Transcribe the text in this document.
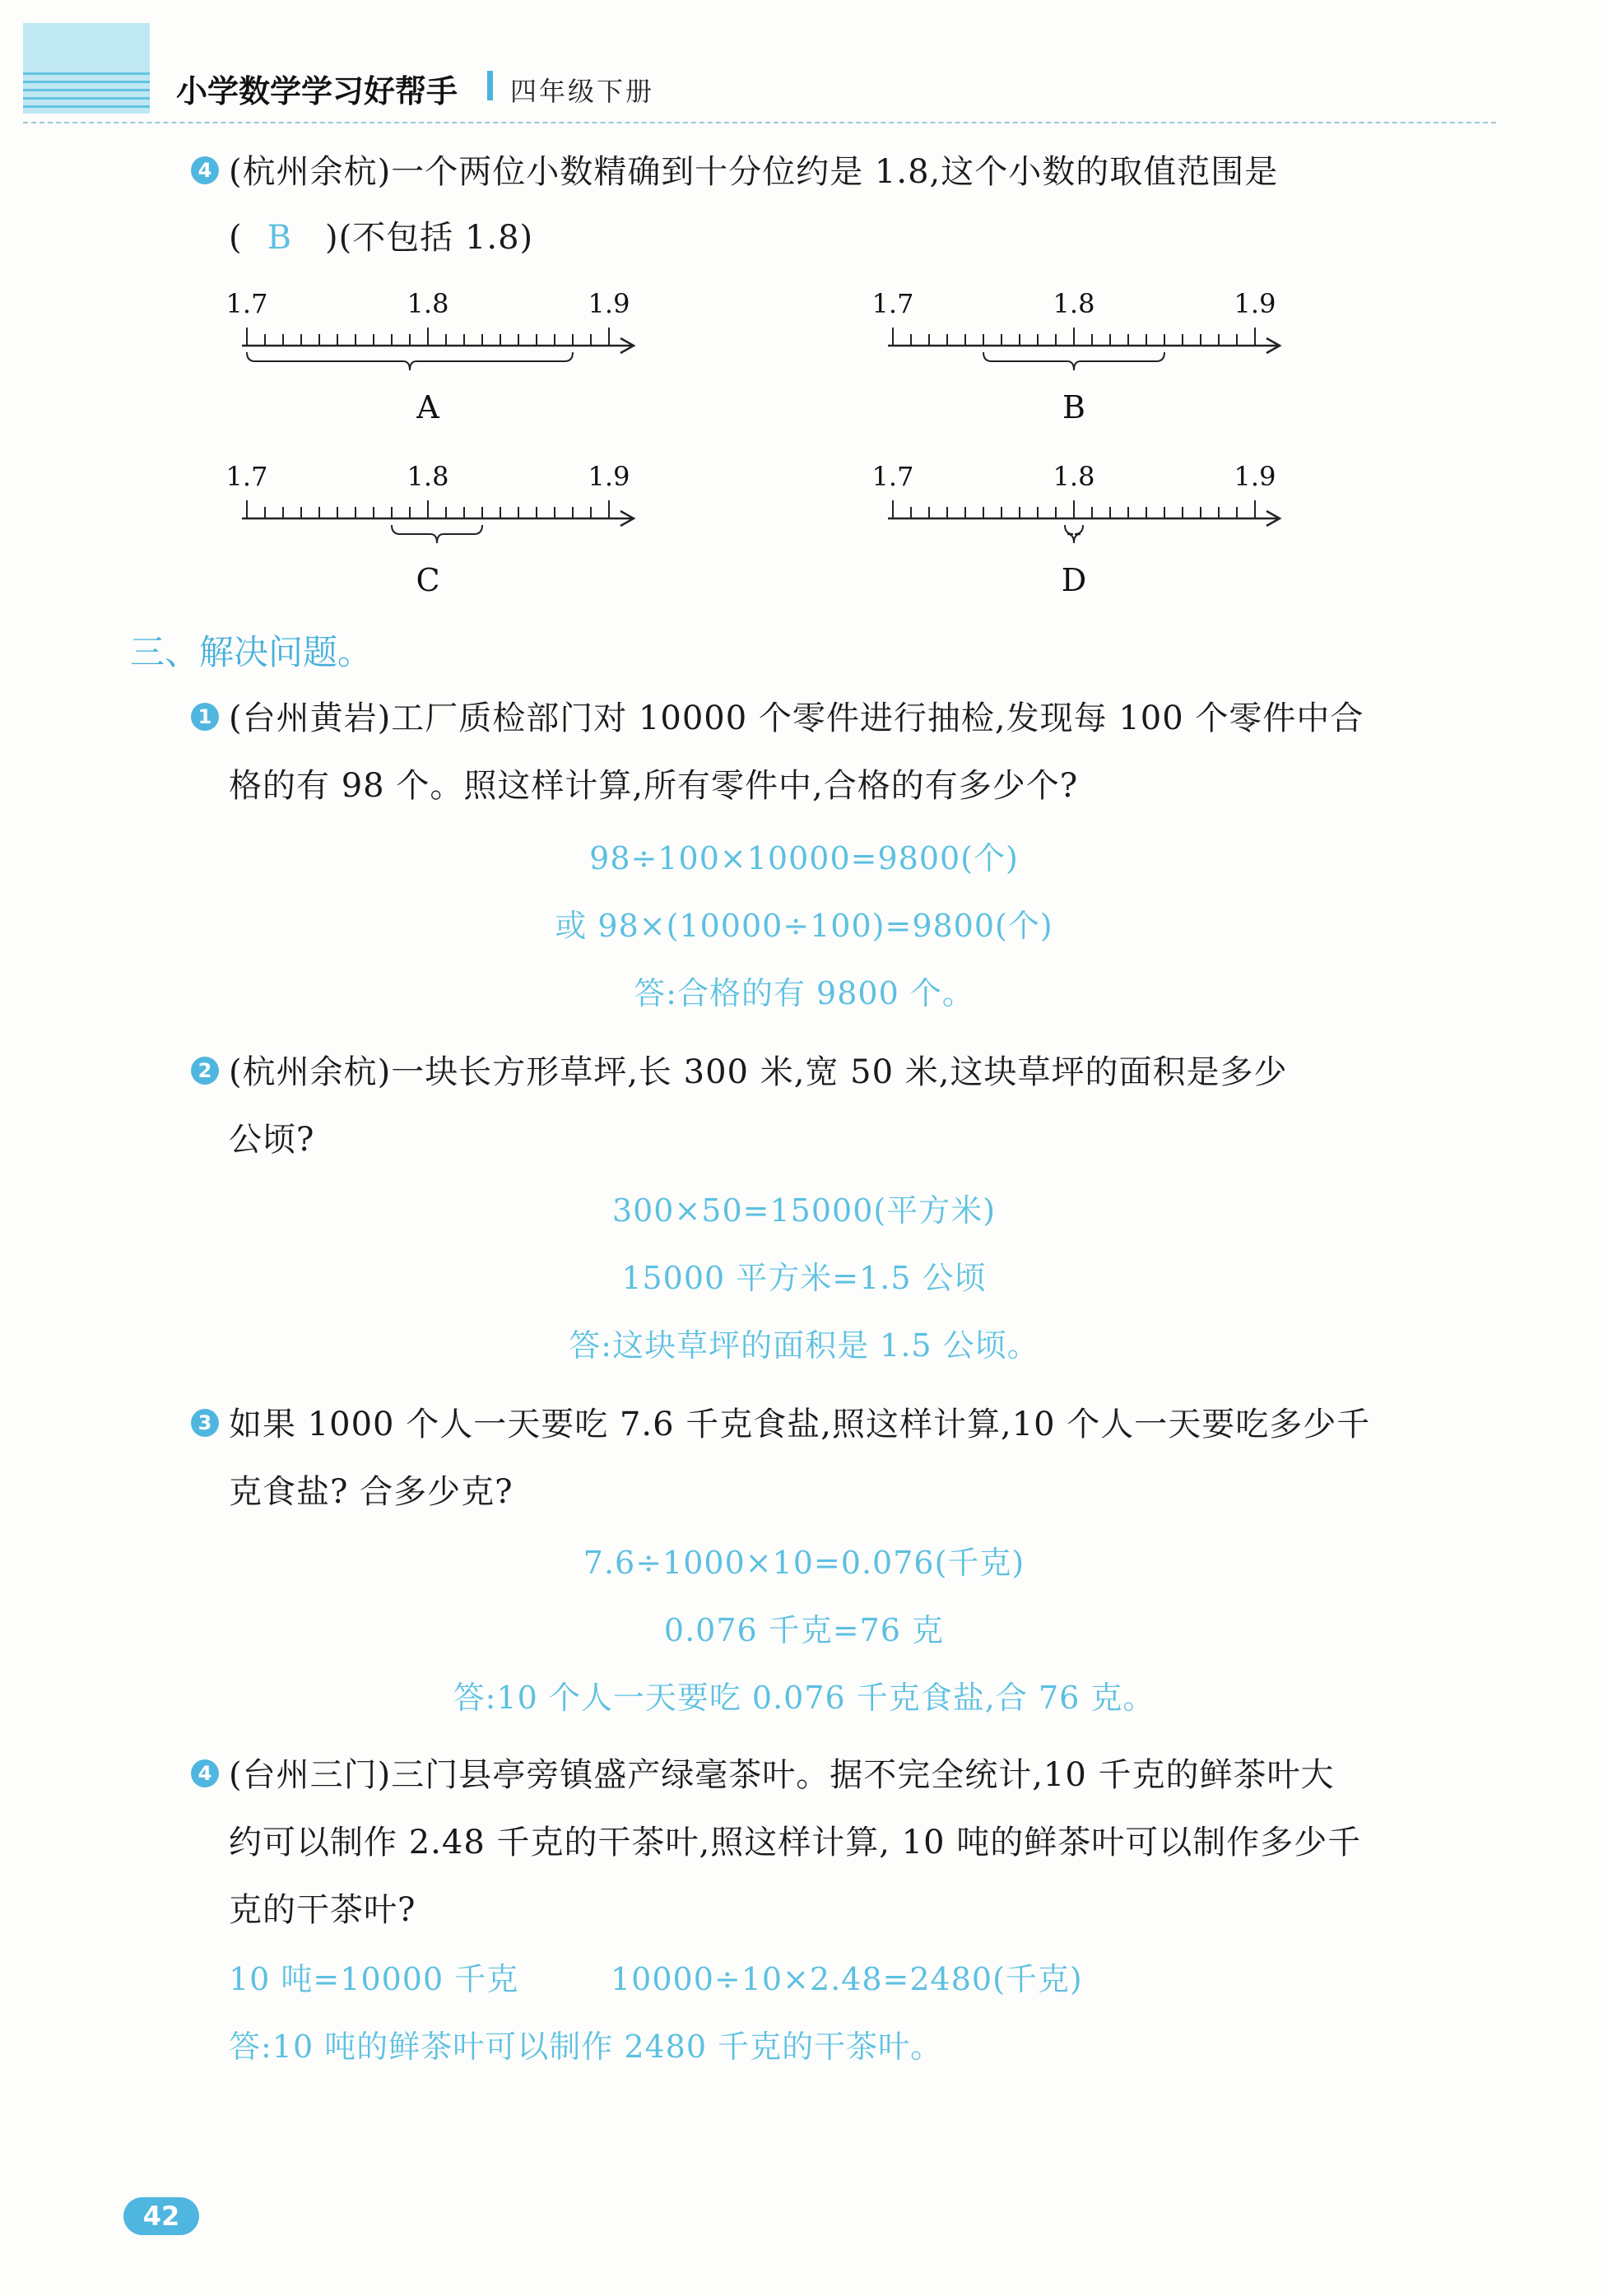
小学数学学习好帮手 四年级下册
4 (杭州余杭)一个两位小数精确到十分位约是 1.8,这个小数的取值范围是
( B )(不包括 1.8)
1.7	1.8	1.9
A
1.7	1.8	1.9
B
1.7	1.8	1.9
C
1.7	1.8	1.9
D
三、解决问题。
1 (台州黄岩)工厂质检部门对 10000 个零件进行抽检,发现每 100 个零件中合
格的有 98 个。照这样计算,所有零件中,合格的有多少个?
98÷100×10000=9800(个)
或 98×(10000÷100)=9800(个)
答:合格的有 9800 个。
2 (杭州余杭)一块长方形草坪,长 300 米,宽 50 米,这块草坪的面积是多少
公顷?
300×50=15000(平方米)
15000 平方米=1.5 公顷
答:这块草坪的面积是 1.5 公顷。
3 如果 1000 个人一天要吃 7.6 千克食盐,照这样计算,10 个人一天要吃多少千
克食盐? 合多少克?
7.6÷1000×10=0.076(千克)
0.076 千克=76 克
答:10 个人一天要吃 0.076 千克食盐,合 76 克。
4 (台州三门)三门县亭旁镇盛产绿毫茶叶。据不完全统计,10 千克的鲜茶叶大
约可以制作 2.48 千克的干茶叶,照这样计算, 10 吨的鲜茶叶可以制作多少千
克的干茶叶?
10 吨=10000 千克	10000÷10×2.48=2480(千克)
答:10 吨的鲜茶叶可以制作 2480 千克的干茶叶。
42
